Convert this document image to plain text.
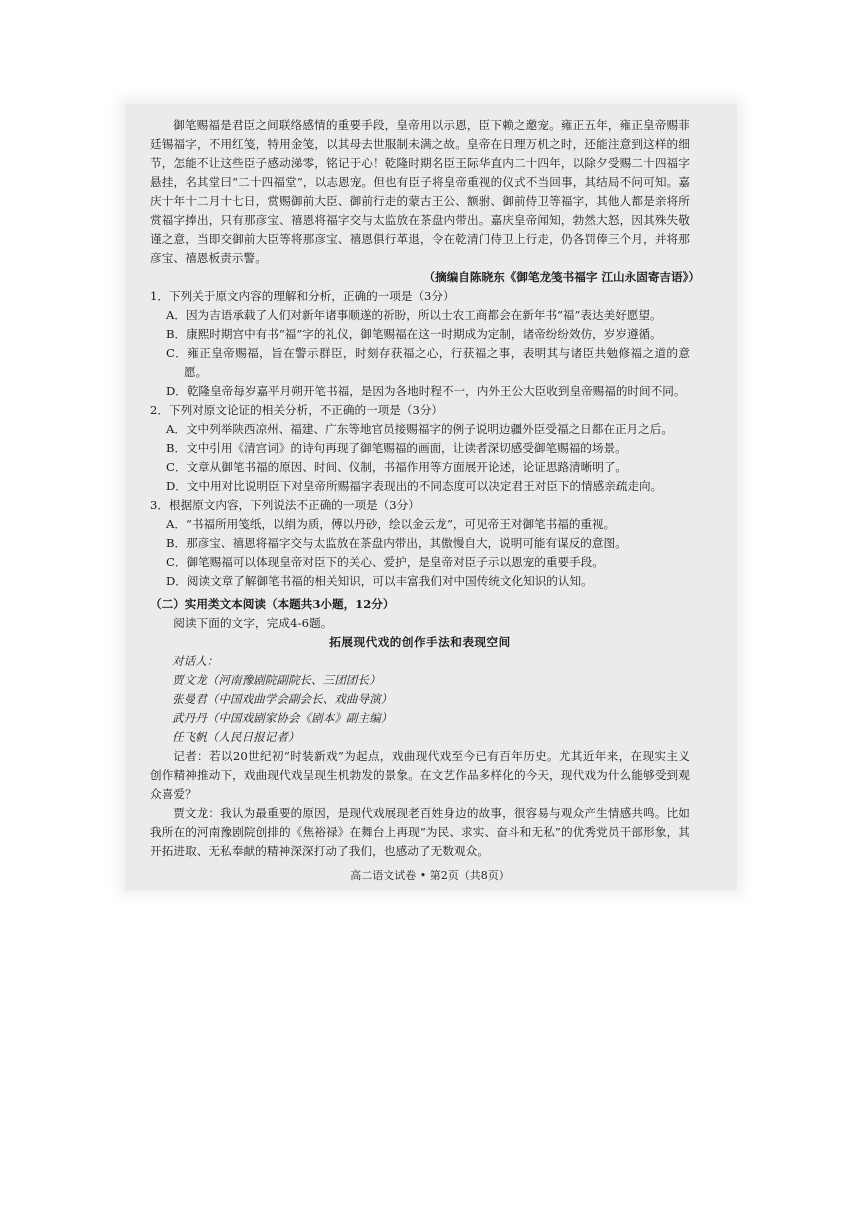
御笔赐福是君臣之间联络感情的重要手段，皇帝用以示恩，臣下赖之邀宠。雍正五年，雍正皇帝赐菲廷锡福字，不用红笺，特用金笺，以其母去世服制未满之故。皇帝在日理万机之时，还能注意到这样的细节，怎能不让这些臣子感动涕零，铭记于心！乾隆时期名臣王际华直内二十四年，以除夕受赐二十四福字悬挂，名其堂曰“二十四福堂”，以志恩宠。但也有臣子将皇帝重视的仪式不当回事，其结局不问可知。嘉庆十年十二月十七日，赏赐御前大臣、御前行走的蒙古王公、额驸、御前侍卫等福字，其他人都是亲将所赏福字捧出，只有那彦宝、禧恩将福字交与太监放在茶盘内带出。嘉庆皇帝闻知，勃然大怒，因其殊失敬谨之意，当即交御前大臣等将那彦宝、禧恩俱行革退，令在乾清门侍卫上行走，仍各罚俸三个月，并将那彦宝、禧恩板责示警。

（摘编自陈晓东《御笔龙笺书福字 江山永固寄吉语》）

1．下列关于原文内容的理解和分析，正确的一项是（3分）

A．因为吉语承载了人们对新年诸事顺遂的祈盼，所以士农工商都会在新年书“福”表达美好愿望。

B．康熙时期宫中有书“福”字的礼仪，御笔赐福在这一时期成为定制，诸帝纷纷效仿，岁岁遵循。

C．雍正皇帝赐福，旨在警示群臣，时刻存获福之心，行获福之事，表明其与诸臣共勉修福之道的意愿。

D．乾隆皇帝每岁嘉平月朔开笔书福，是因为各地时程不一，内外王公大臣收到皇帝赐福的时间不同。

2．下列对原文论证的相关分析，不正确的一项是（3分）

A．文中列举陕西凉州、福建、广东等地官员接赐福字的例子说明边疆外臣受福之日都在正月之后。

B．文中引用《清宫词》的诗句再现了御笔赐福的画面，让读者深切感受御笔赐福的场景。

C．文章从御笔书福的原因、时间、仪制，书福作用等方面展开论述，论证思路清晰明了。

D．文中用对比说明臣下对皇帝所赐福字表现出的不同态度可以决定君王对臣下的情感亲疏走向。

3．根据原文内容，下列说法不正确的一项是（3分）

A．“书福所用笺纸，以绢为质，傅以丹砂，绘以金云龙”，可见帝王对御笔书福的重视。

B．那彦宝、禧恩将福字交与太监放在茶盘内带出，其傲慢自大，说明可能有谋反的意图。

C．御笔赐福可以体现皇帝对臣下的关心、爱护，是皇帝对臣子示以恩宠的重要手段。

D．阅读文章了解御笔书福的相关知识，可以丰富我们对中国传统文化知识的认知。

（二）实用类文本阅读（本题共3小题，12分）

阅读下面的文字，完成4-6题。

拓展现代戏的创作手法和表现空间

对话人：
贾文龙（河南豫剧院副院长、三团团长）
张曼君（中国戏曲学会副会长、戏曲导演）
武丹丹（中国戏剧家协会《剧本》副主编）
任飞帆（人民日报记者）

记者：若以20世纪初“时装新戏”为起点，戏曲现代戏至今已有百年历史。尤其近年来，在现实主义创作精神推动下，戏曲现代戏呈现生机勃发的景象。在文艺作品多样化的今天，现代戏为什么能够受到观众喜爱？

贾文龙：我认为最重要的原因，是现代戏展现老百姓身边的故事，很容易与观众产生情感共鸣。比如我所在的河南豫剧院创排的《焦裕禄》在舞台上再现“为民、求实、奋斗和无私”的优秀党员干部形象，其开拓进取、无私奉献的精神深深打动了我们，也感动了无数观众。

高二语文试卷 • 第2页（共8页）
